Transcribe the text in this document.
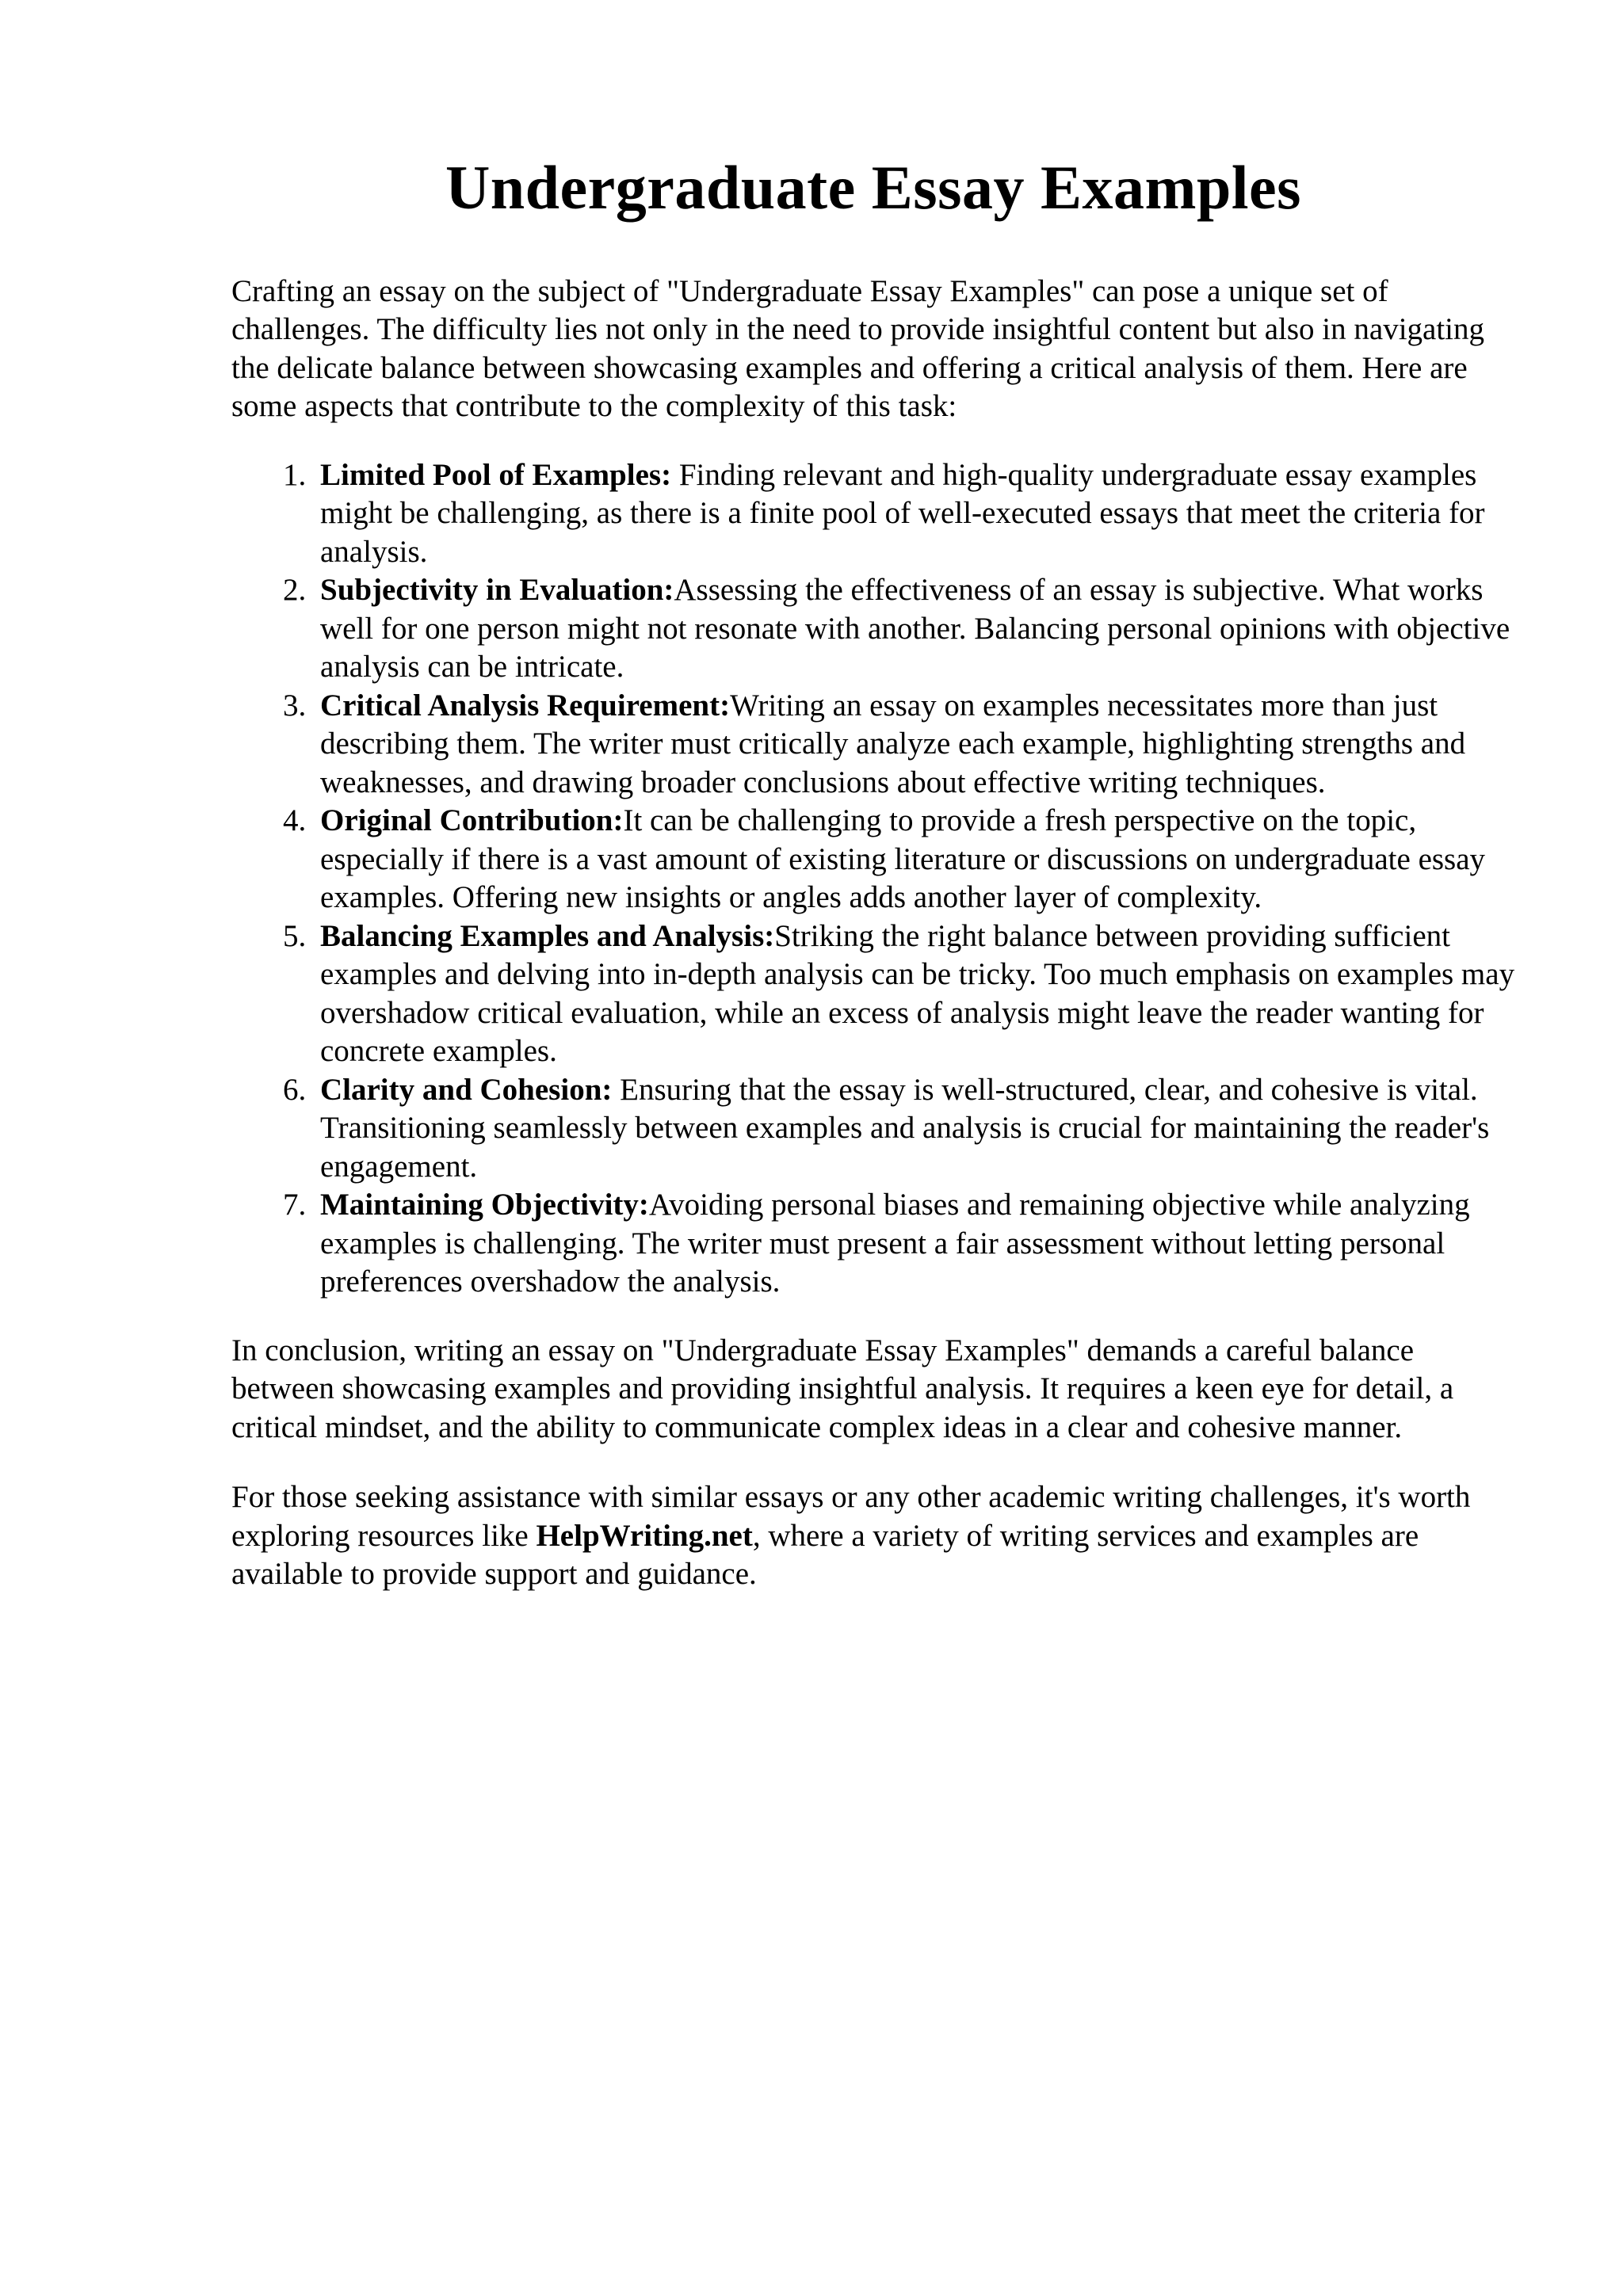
Undergraduate Essay Examples

Crafting an essay on the subject of "Undergraduate Essay Examples" can pose a unique set of challenges. The difficulty lies not only in the need to provide insightful content but also in navigating the delicate balance between showcasing examples and offering a critical analysis of them. Here are some aspects that contribute to the complexity of this task:

1. Limited Pool of Examples: Finding relevant and high-quality undergraduate essay examples might be challenging, as there is a finite pool of well-executed essays that meet the criteria for analysis.
2. Subjectivity in Evaluation:Assessing the effectiveness of an essay is subjective. What works well for one person might not resonate with another. Balancing personal opinions with objective analysis can be intricate.
3. Critical Analysis Requirement:Writing an essay on examples necessitates more than just describing them. The writer must critically analyze each example, highlighting strengths and weaknesses, and drawing broader conclusions about effective writing techniques.
4. Original Contribution:It can be challenging to provide a fresh perspective on the topic, especially if there is a vast amount of existing literature or discussions on undergraduate essay examples. Offering new insights or angles adds another layer of complexity.
5. Balancing Examples and Analysis:Striking the right balance between providing sufficient examples and delving into in-depth analysis can be tricky. Too much emphasis on examples may overshadow critical evaluation, while an excess of analysis might leave the reader wanting for concrete examples.
6. Clarity and Cohesion: Ensuring that the essay is well-structured, clear, and cohesive is vital. Transitioning seamlessly between examples and analysis is crucial for maintaining the reader's engagement.
7. Maintaining Objectivity:Avoiding personal biases and remaining objective while analyzing examples is challenging. The writer must present a fair assessment without letting personal preferences overshadow the analysis.

In conclusion, writing an essay on "Undergraduate Essay Examples" demands a careful balance between showcasing examples and providing insightful analysis. It requires a keen eye for detail, a critical mindset, and the ability to communicate complex ideas in a clear and cohesive manner.

For those seeking assistance with similar essays or any other academic writing challenges, it's worth exploring resources like HelpWriting.net, where a variety of writing services and examples are available to provide support and guidance.
